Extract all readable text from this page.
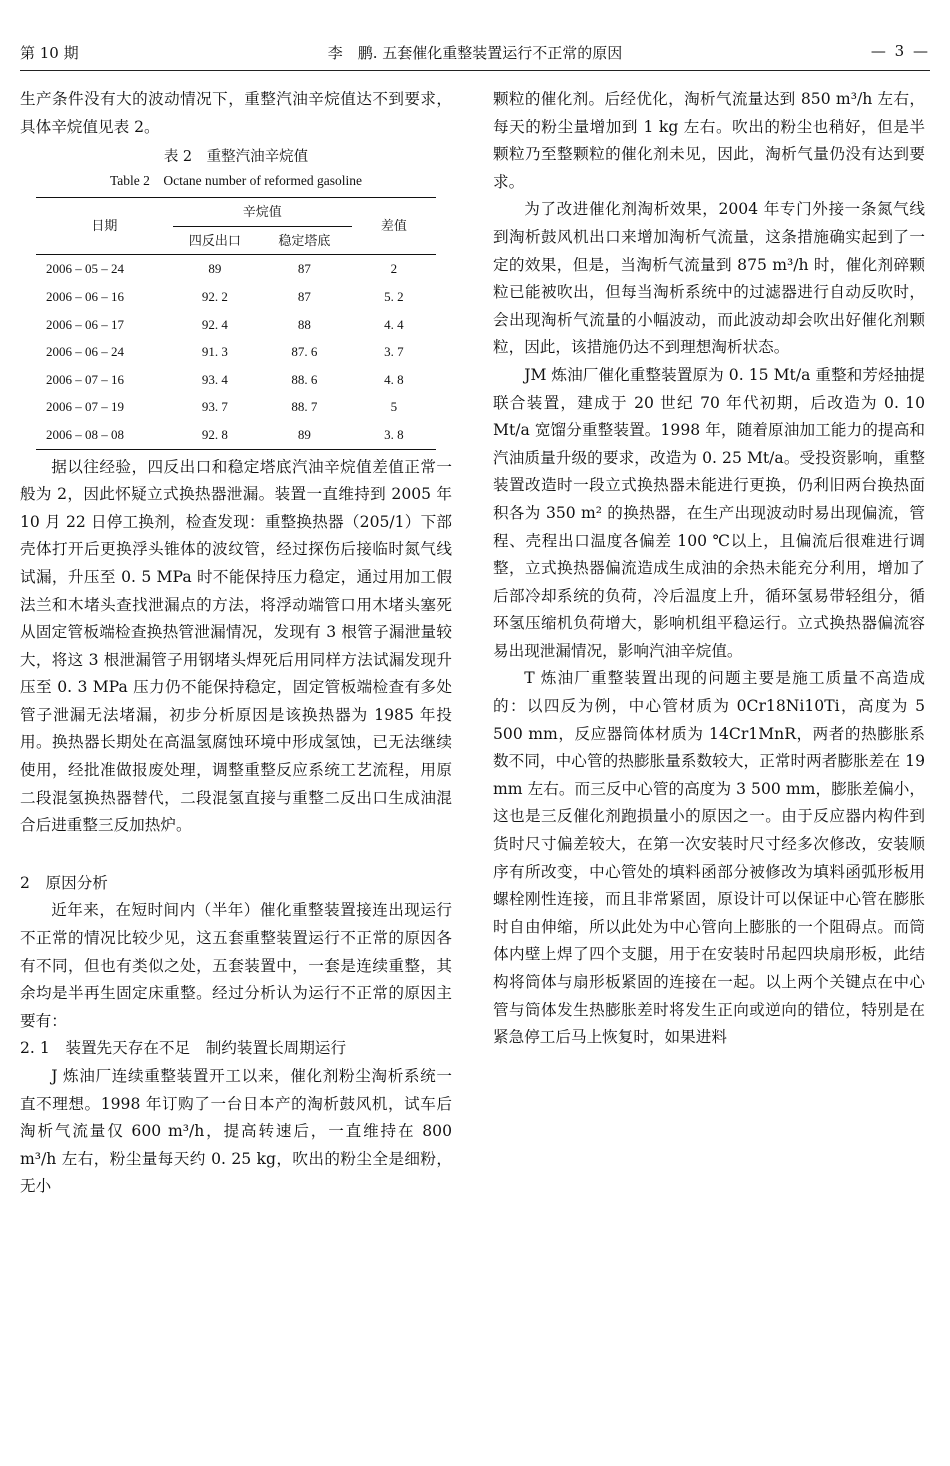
第 10 期	李　鹏. 五套催化重整装置运行不正常的原因	— 3 —

生产条件没有大的波动情况下，重整汽油辛烷值达不到要求，具体辛烷值见表 2。

表 2　重整汽油辛烷值
Table 2　Octane number of reformed gasoline
日期	辛烷值		差值
	四反出口	稳定塔底	
2006 – 05 – 24	89	87	2
2006 – 06 – 16	92. 2	87	5. 2
2006 – 06 – 17	92. 4	88	4. 4
2006 – 06 – 24	91. 3	87. 6	3. 7
2006 – 07 – 16	93. 4	88. 6	4. 8
2006 – 07 – 19	93. 7	88. 7	5
2006 – 08 – 08	92. 8	89	3. 8

据以往经验，四反出口和稳定塔底汽油辛烷值差值正常一般为 2，因此怀疑立式换热器泄漏。装置一直维持到 2005 年 10 月 22 日停工换剂，检查发现：重整换热器（205/1）下部壳体打开后更换浮头锥体的波纹管，经过探伤后接临时氮气线试漏，升压至 0. 5 MPa 时不能保持压力稳定，通过用加工假法兰和木堵头查找泄漏点的方法，将浮动端管口用木堵头塞死从固定管板端检查换热管泄漏情况，发现有 3 根管子漏泄量较大，将这 3 根泄漏管子用钢堵头焊死后用同样方法试漏发现升压至 0. 3 MPa 压力仍不能保持稳定，固定管板端检查有多处管子泄漏无法堵漏，初步分析原因是该换热器为 1985 年投用。换热器长期处在高温氢腐蚀环境中形成氢蚀，已无法继续使用，经批准做报废处理，调整重整反应系统工艺流程，用原二段混氢换热器替代，二段混氢直接与重整二反出口生成油混合后进重整三反加热炉。

2　原因分析

近年来，在短时间内（半年）催化重整装置接连出现运行不正常的情况比较少见，这五套重整装置运行不正常的原因各有不同，但也有类似之处，五套装置中，一套是连续重整，其余均是半再生固定床重整。经过分析认为运行不正常的原因主要有：

2. 1　装置先天存在不足　制约装置长周期运行

J 炼油厂连续重整装置开工以来，催化剂粉尘淘析系统一直不理想。1998 年订购了一台日本产的淘析鼓风机，试车后淘析气流量仅 600 m³/h，提高转速后，一直维持在 800 m³/h 左右，粉尘量每天约 0. 25 kg，吹出的粉尘全是细粉，无小

颗粒的催化剂。后经优化，淘析气流量达到 850 m³/h 左右，每天的粉尘量增加到 1 kg 左右。吹出的粉尘也稍好，但是半颗粒乃至整颗粒的催化剂未见，因此，淘析气量仍没有达到要求。

为了改进催化剂淘析效果，2004 年专门外接一条氮气线到淘析鼓风机出口来增加淘析气流量，这条措施确实起到了一定的效果，但是，当淘析气流量到 875 m³/h 时，催化剂碎颗粒已能被吹出，但每当淘析系统中的过滤器进行自动反吹时，会出现淘析气流量的小幅波动，而此波动却会吹出好催化剂颗粒，因此，该措施仍达不到理想淘析状态。

JM 炼油厂催化重整装置原为 0. 15 Mt/a 重整和芳烃抽提联合装置，建成于 20 世纪 70 年代初期，后改造为 0. 10 Mt/a 宽馏分重整装置。1998 年，随着原油加工能力的提高和汽油质量升级的要求，改造为 0. 25 Mt/a。受投资影响，重整装置改造时一段立式换热器未能进行更换，仍利旧两台换热面积各为 350 m² 的换热器，在生产出现波动时易出现偏流，管程、壳程出口温度各偏差 100 ℃以上，且偏流后很难进行调整，立式换热器偏流造成生成油的余热未能充分利用，增加了后部冷却系统的负荷，冷后温度上升，循环氢易带轻组分，循环氢压缩机负荷增大，影响机组平稳运行。立式换热器偏流容易出现泄漏情况，影响汽油辛烷值。

T 炼油厂重整装置出现的问题主要是施工质量不高造成的：以四反为例，中心管材质为 0Cr18Ni10Ti，高度为 5 500 mm，反应器筒体材质为 14Cr1MnR，两者的热膨胀系数不同，中心管的热膨胀量系数较大，正常时两者膨胀差在 19 mm 左右。而三反中心管的高度为 3 500 mm，膨胀差偏小，这也是三反催化剂跑损量小的原因之一。由于反应器内构件到货时尺寸偏差较大，在第一次安装时尺寸经多次修改，安装顺序有所改变，中心管处的填料函部分被修改为填料函弧形板用螺栓刚性连接，而且非常紧固，原设计可以保证中心管在膨胀时自由伸缩，所以此处为中心管向上膨胀的一个阻碍点。而筒体内壁上焊了四个支腿，用于在安装时吊起四块扇形板，此结构将筒体与扇形板紧固的连接在一起。以上两个关键点在中心管与筒体发生热膨胀差时将发生正向或逆向的错位，特别是在紧急停工后马上恢复时，如果进料
